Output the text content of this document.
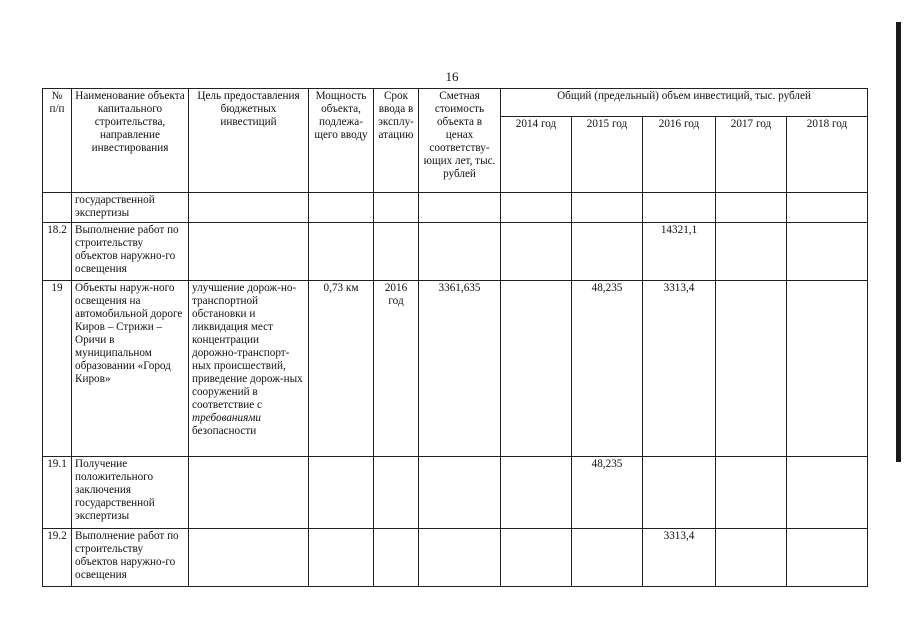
16
№ п/п	Наименование объекта капитального строительства, направление инвестирования	Цель предоставления бюджетных инвестиций	Мощность объекта, подлежа-щего вводу	Срок ввода в эксплу-атацию	Сметная стоимость объекта в ценах соответству-ющих лет, тыс. рублей	Общий (предельный) объем инвестиций, тыс. рублей				
						2014 год	2015 год	2016 год	2017 год	2018 год
	государственной экспертизы									
18.2	Выполнение работ по строительству объектов наружно-го освещения							14321,1		
19	Объекты наруж-ного освещения на автомобильной дороге Киров – Стрижи – Оричи в муниципальном образовании «Город Киров»	улучшение дорож-но-транспортной обстановки и ликвидация мест концентрации дорожно-транспорт-ных происшествий, приведение дорож-ных сооружений в соответствие с требованиями безопасности	0,73 км	2016 год	3361,635		48,235	3313,4		
19.1	Получение положительного заключения государственной экспертизы						48,235			
19.2	Выполнение работ по строительству объектов наружно-го освещения							3313,4		
